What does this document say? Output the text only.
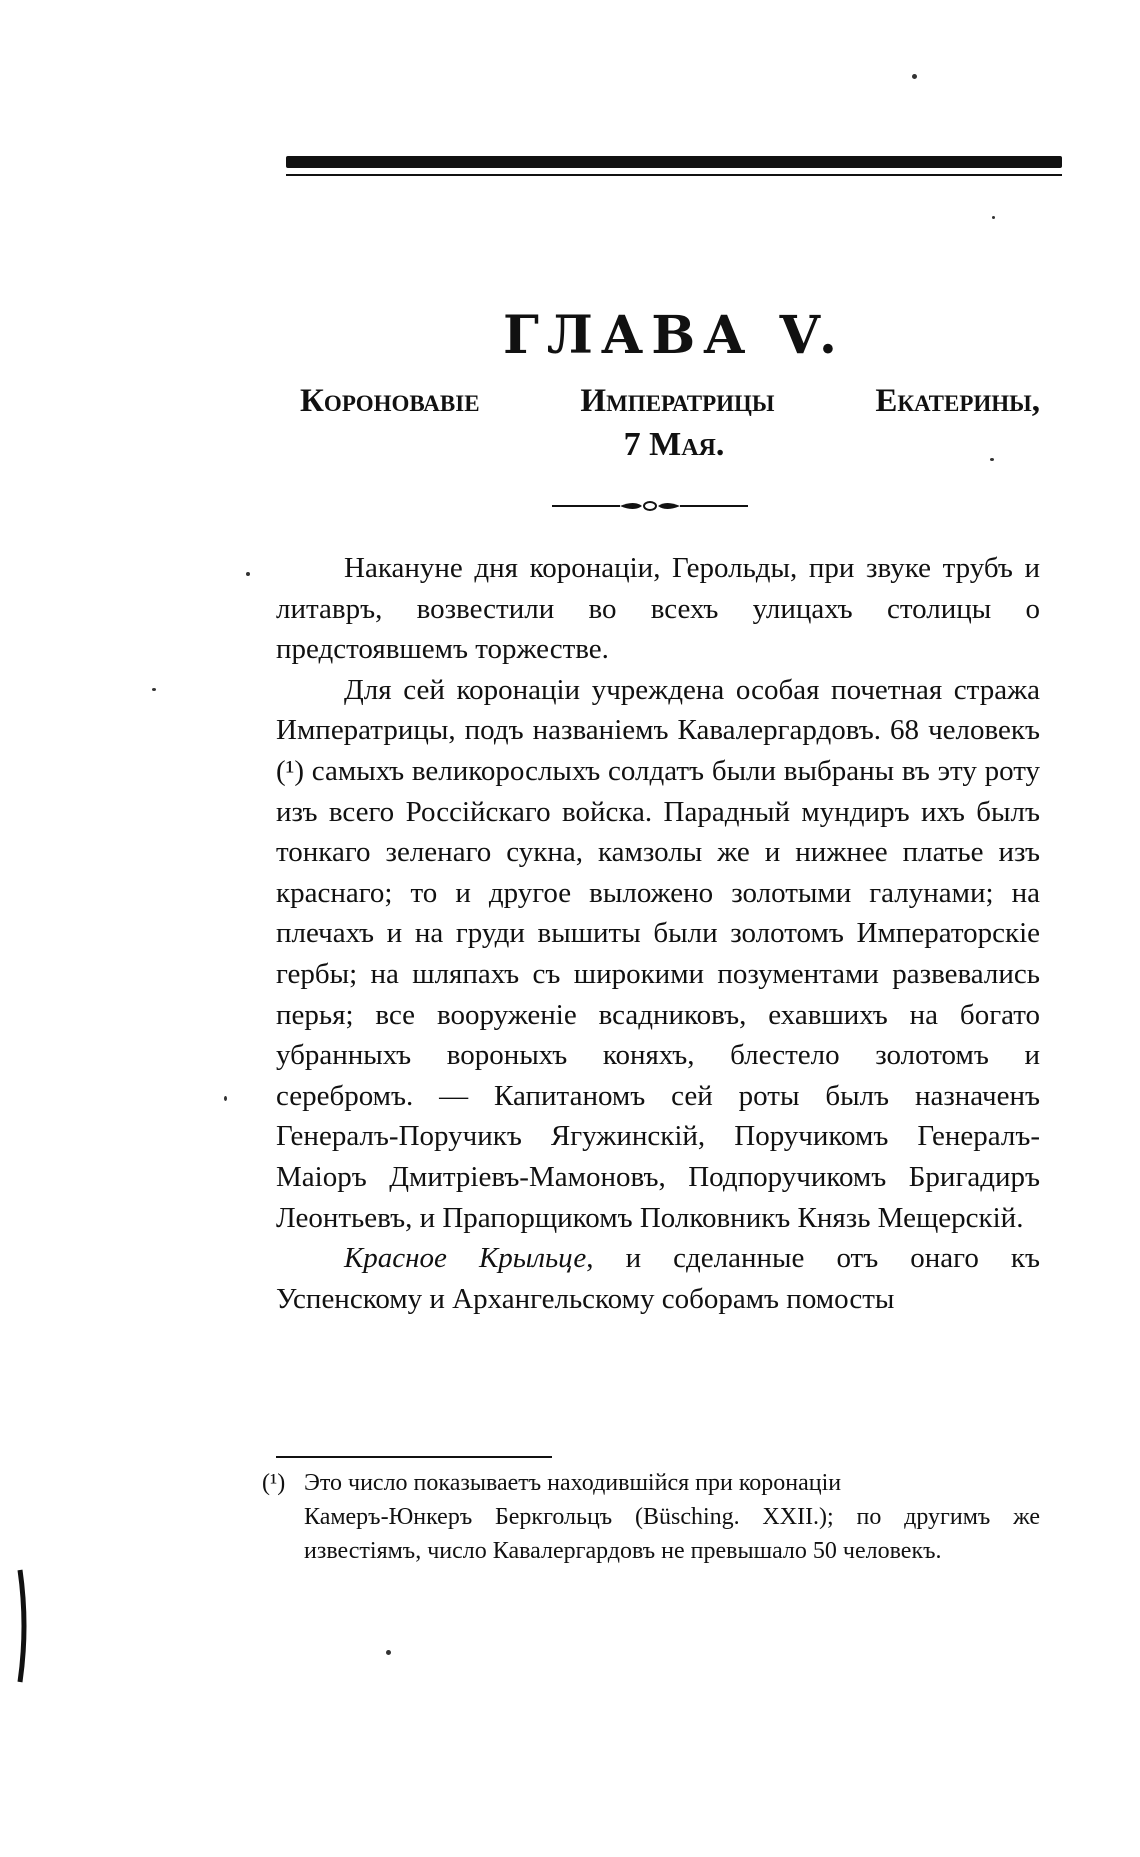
ГЛАВА V.
Короновавіе	Императрицы	Екатерины,
7 Мая.

Накануне дня коронаціи, Герольды, при звуке трубъ и литавръ, возвестили во всехъ улицахъ столицы о предстоявшемъ торжестве.

Для сей коронаціи учреждена особая почетная стража Императрицы, подъ названіемъ Кавалергардовъ. 68 человекъ (¹) самыхъ великорослыхъ солдатъ были выбраны въ эту роту изъ всего Россійскаго войска. Парадный мундиръ ихъ былъ тонкаго зеленаго сукна, камзолы же и нижнее платье изъ краснаго; то и другое выложено золотыми галунами; на плечахъ и на груди вышиты были золотомъ Императорскіе гербы; на шляпахъ съ широкими позументами развевались перья; все вооруженіе всадниковъ, ехавшихъ на богато убранныхъ вороныхъ коняхъ, блестело золотомъ и серебромъ. — Капитаномъ сей роты былъ назначенъ Генералъ-Поручикъ Ягужинскій, Поручикомъ Генералъ-Маіоръ Дмитріевъ-Мамоновъ, Подпоручикомъ Бригадиръ Леонтьевъ, и Прапорщикомъ Полковникъ Князь Мещерскій.

Красное Крыльце, и сделанные отъ онаго къ Успенскому и Архангельскому соборамъ помосты

(¹) Это число показываетъ находившійся при коронаціи
Камеръ-Юнкеръ Беркгольцъ (Büsching. XXII.); по другимъ же известіямъ, число Кавалергардовъ не превышало 50 человекъ.
